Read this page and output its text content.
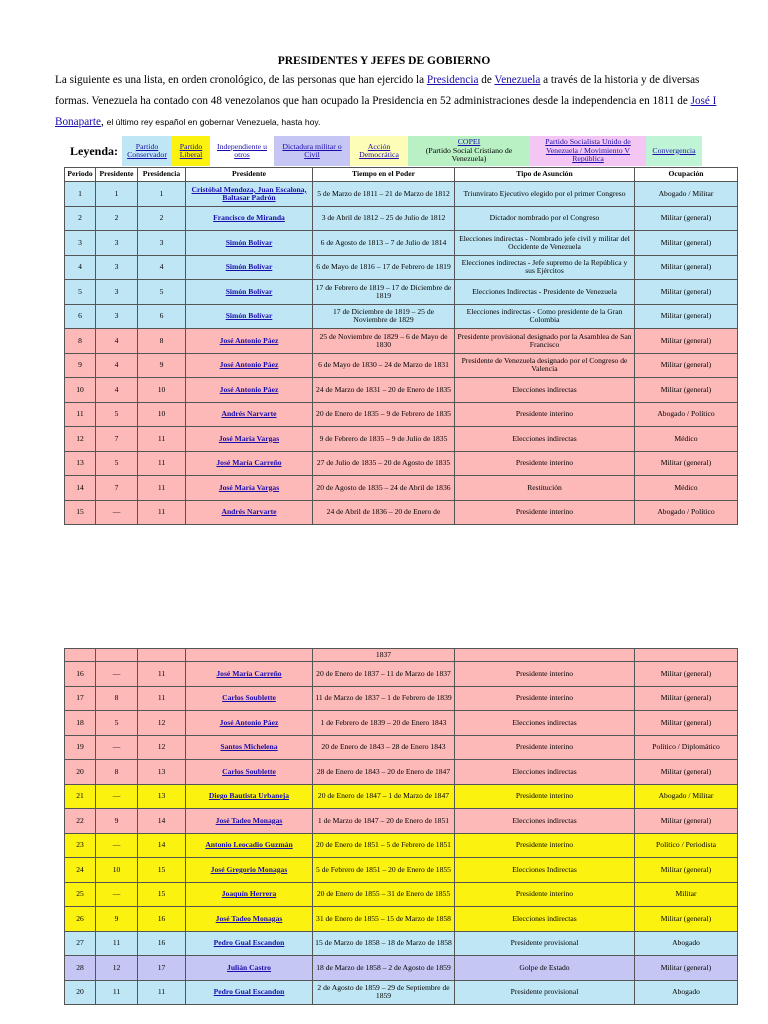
PRESIDENTES Y JEFES DE GOBIERNO
La siguiente es una lista, en orden cronológico, de las personas que han ejercido la Presidencia de Venezuela a través de la historia y de diversas formas. Venezuela ha contado con 48 venezolanos que han ocupado la Presidencia en 52 administraciones desde la independencia en 1811 de José I Bonaparte, el último rey español en gobernar Venezuela, hasta hoy.
Leyenda:	Partido Conservador	Partido Liberal	Independiente u otros	Dictadura militar o Civil	Acción Democrática	COPEI
(Partido Social Cristiano de Venezuela)	Partido Socialista Unido de Venezuela / Movimiento V República	Convergencia
Periodo	Presidente	Presidencia	Presidente	Tiempo en el Poder	Tipo de Asunción	Ocupación
1	1	1	Cristóbal Mendoza, Juan Escalona, Baltasar Padrón	5 de Marzo de 1811 – 21 de Marzo de 1812	Triunvirato Ejecutivo elegido por el primer Congreso	Abogado / Militar
2	2	2	Francisco de Miranda	3 de Abril de 1812 – 25 de Julio de 1812	Dictador nombrado por el Congreso	Militar (general)
3	3	3	Simón Bolívar	6 de Agosto de 1813 – 7 de Julio de 1814	Elecciones indirectas - Nombrado jefe civil y militar del Occidente de Venezuela	Militar (general)
4	3	4	Simón Bolívar	6 de Mayo de 1816 – 17 de Febrero de 1819	Elecciones indirectas - Jefe supremo de la República y sus Ejércitos	Militar (general)
5	3	5	Simón Bolívar	17 de Febrero de 1819 – 17 de Diciembre de 1819	Elecciones Indirectas - Presidente de Venezuela	Militar (general)
6	3	6	Simón Bolívar	17 de Diciembre de 1819 – 25 de Noviembre de 1829	Elecciones indirectas - Como presidente de la Gran Colombia	Militar (general)
8	4	8	José Antonio Páez	25 de Noviembre de 1829 – 6 de Mayo de 1830	Presidente provisional designado por la Asamblea de San Francisco	Militar (general)
9	4	9	José Antonio Páez	6 de Mayo de 1830 – 24 de Marzo de 1831	Presidente de Venezuela designado por el Congreso de Valencia	Militar (general)
10	4	10	José Antonio Páez	24 de Marzo de 1831 – 20 de Enero de 1835	Elecciones indirectas	Militar (general)
11	5	10	Andrés Narvarte	20 de Enero de 1835 – 9 de Febrero de 1835	Presidente interino	Abogado / Político
12	7	11	José María Vargas	9 de Febrero de 1835 – 9 de Julio de 1835	Elecciones indirectas	Médico
13	5	11	José María Carreño	27 de Julio de 1835 – 20 de Agosto de 1835	Presidente interino	Militar (general)
14	7	11	José María Vargas	20 de Agosto de 1835 – 24 de Abril de 1836	Restitución	Médico
15	—	11	Andrés Narvarte	24 de Abril de 1836 – 20 de Enero de	Presidente interino	Abogado / Político
				1837		
16	—	11	José María Carreño	20 de Enero de 1837 – 11 de Marzo de 1837	Presidente interino	Militar (general)
17	8	11	Carlos Soublette	11 de Marzo de 1837 – 1 de Febrero de 1839	Presidente interino	Militar (general)
18	5	12	José Antonio Páez	1 de Febrero de 1839 – 20 de Enero 1843	Elecciones indirectas	Militar (general)
19	—	12	Santos Michelena	20 de Enero de 1843 – 28 de Enero 1843	Presidente interino	Político / Diplomático
20	8	13	Carlos Soublette	28 de Enero de 1843 – 20 de Enero de 1847	Elecciones indirectas	Militar (general)
21	—	13	Diego Bautista Urbaneja	20 de Enero de 1847 – 1 de Marzo de 1847	Presidente interino	Abogado / Militar
22	9	14	José Tadeo Monagas	1 de Marzo de 1847 – 20 de Enero de 1851	Elecciones indirectas	Militar (general)
23	—	14	Antonio Leocadio Guzmán	20 de Enero de 1851 – 5 de Febrero de 1851	Presidente interino	Político / Periodista
24	10	15	José Gregorio Monagas	5 de Febrero de 1851 – 20 de Enero de 1855	Elecciones Indirectas	Militar (general)
25	—	15	Joaquín Herrera	20 de Enero de 1855 – 31 de Enero de 1855	Presidente interino	Militar
26	9	16	José Tadeo Monagas	31 de Enero de 1855 – 15 de Marzo de 1858	Elecciones indirectas	Militar (general)
27	11	16	Pedro Gual Escandon	15 de Marzo de 1858 – 18 de Marzo de 1858	Presidente provisional	Abogado
28	12	17	Julián Castro	18 de Marzo de 1858 – 2 de Agosto de 1859	Golpe de Estado	Militar (general)
20	11	11	Pedro Gual Escandon	2 de Agosto de 1859 – 29 de Septiembre de 1859	Presidente provisional	Abogado
